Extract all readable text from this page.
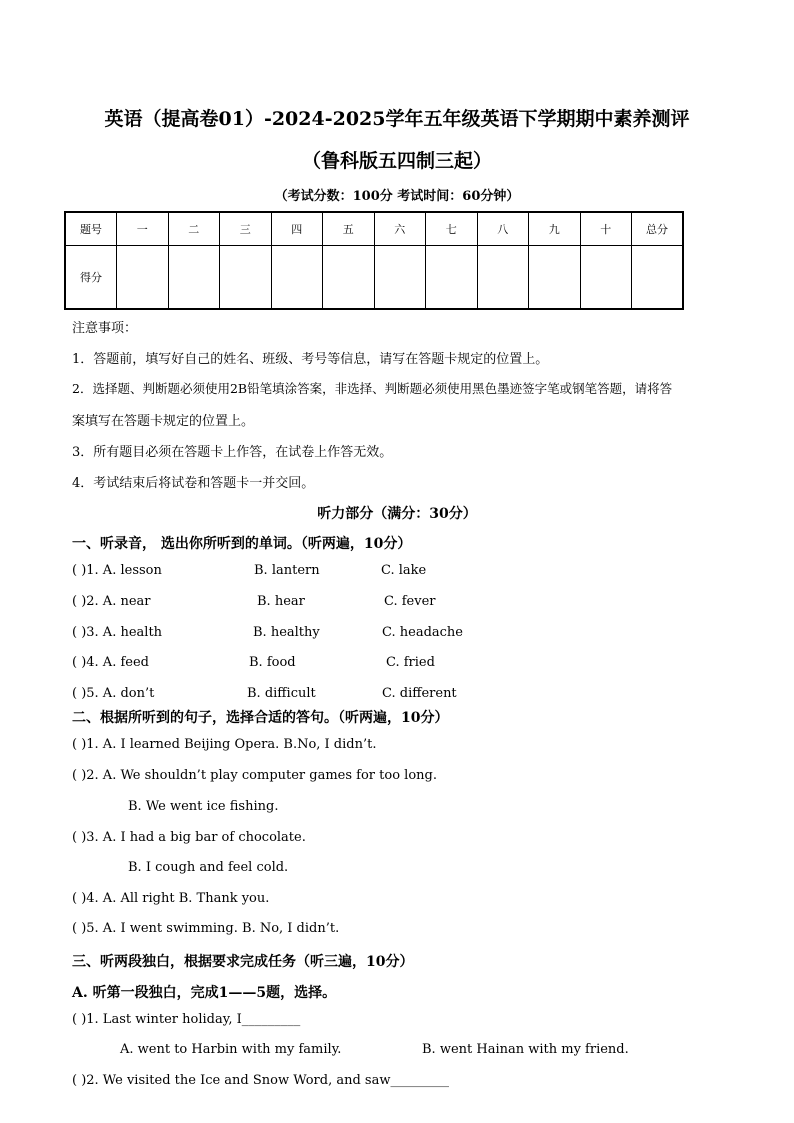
英语（提高卷01）-2024-2025学年五年级英语下学期期中素养测评
（鲁科版五四制三起）
（考试分数：100分 考试时间：60分钟）
题号	一	二	三	四	五	六	七	八	九	十	总分
得分											
注意事项：
1．答题前，填写好自己的姓名、班级、考号等信息，请写在答题卡规定的位置上。
2．选择题、判断题必须使用2B铅笔填涂答案，非选择、判断题必须使用黑色墨迹签字笔或钢笔答题，请将答
案填写在答题卡规定的位置上。
3．所有题目必须在答题卡上作答，在试卷上作答无效。
4．考试结束后将试卷和答题卡一并交回。
听力部分（满分：30分）
一、听录音， 选出你所听到的单词。（听两遍，10分）
( )1. A. lesson	B. lantern	C. lake
( )2. A. near	B. hear	C. fever
( )3. A. health	B. healthy	C. headache
( )4. A. feed	B. food	C. fried
( )5. A. don’t	B. difficult	C. different
二、根据所听到的句子，选择合适的答句。（听两遍，10分）
( )1. A. I learned Beijing Opera. B.No, I didn’t.
( )2. A. We shouldn’t play computer games for too long.
B. We went ice fishing.
( )3. A. I had a big bar of chocolate.
B. I cough and feel cold.
( )4. A. All right B. Thank you.
( )5. A. I went swimming. B. No, I didn’t.
三、听两段独白，根据要求完成任务（听三遍，10分）
A. 听第一段独白，完成1——5题，选择。
( )1. Last winter holiday, I_________
A. went to Harbin with my family.	B. went Hainan with my friend.
( )2. We visited the Ice and Snow Word, and saw_________
